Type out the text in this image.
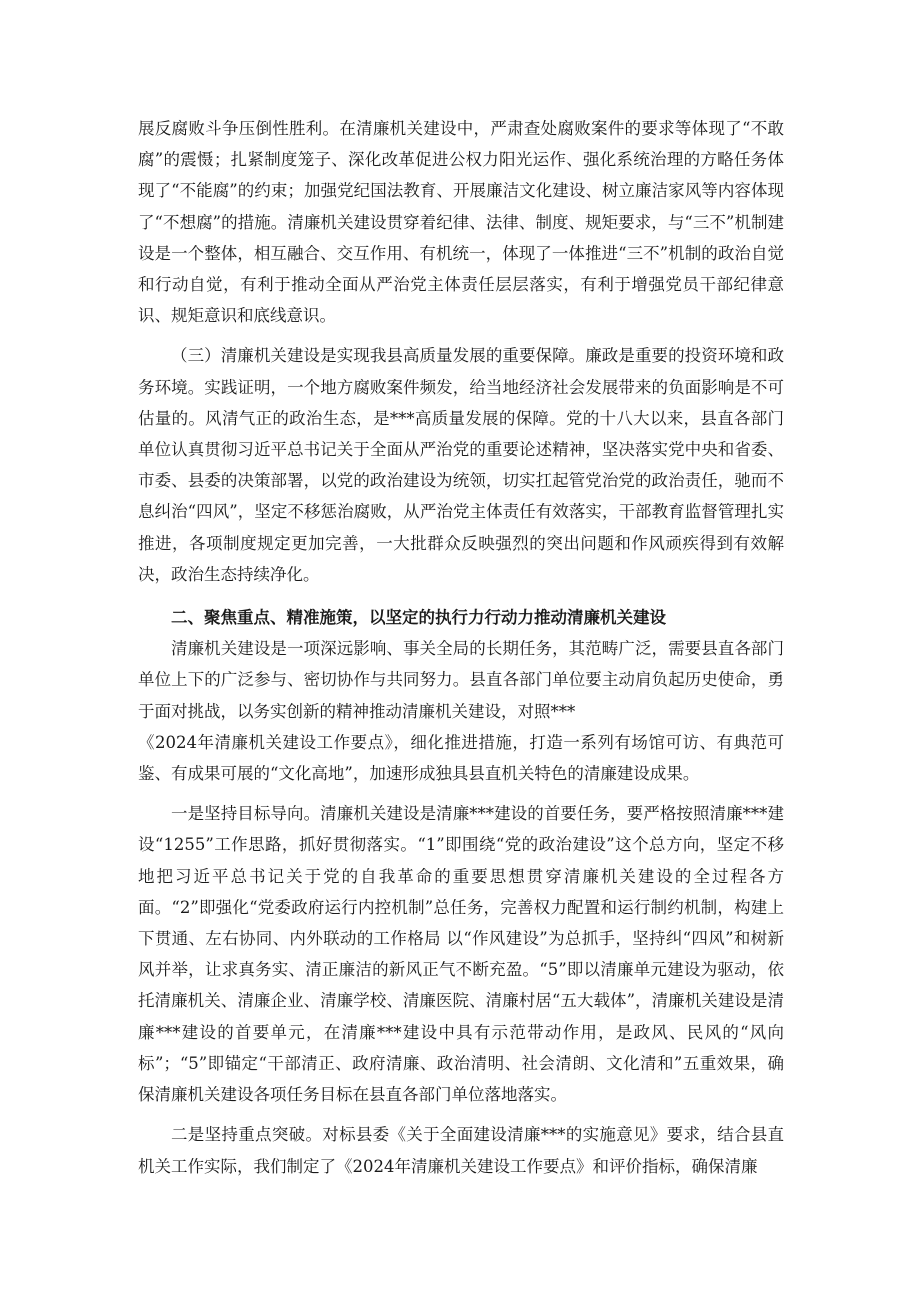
展反腐败斗争压倒性胜利。在清廉机关建设中，严肃查处腐败案件的要求等体现了“不敢腐”的震慑；扎紧制度笼子、深化改革促进公权力阳光运作、强化系统治理的方略任务体现了“不能腐”的约束；加强党纪国法教育、开展廉洁文化建设、树立廉洁家风等内容体现了“不想腐”的措施。清廉机关建设贯穿着纪律、法律、制度、规矩要求，与“三不”机制建设是一个整体，相互融合、交互作用、有机统一，体现了一体推进“三不”机制的政治自觉和行动自觉，有利于推动全面从严治党主体责任层层落实，有利于增强党员干部纪律意识、规矩意识和底线意识。

（三）清廉机关建设是实现我县高质量发展的重要保障。廉政是重要的投资环境和政务环境。实践证明，一个地方腐败案件频发，给当地经济社会发展带来的负面影响是不可估量的。风清气正的政治生态，是***高质量发展的保障。党的十八大以来，县直各部门单位认真贯彻习近平总书记关于全面从严治党的重要论述精神，坚决落实党中央和省委、市委、县委的决策部署，以党的政治建设为统领，切实扛起管党治党的政治责任，驰而不息纠治“四风”，坚定不移惩治腐败，从严治党主体责任有效落实，干部教育监督管理扎实推进，各项制度规定更加完善，一大批群众反映强烈的突出问题和作风顽疾得到有效解决，政治生态持续净化。

二、聚焦重点、精准施策，以坚定的执行力行动力推动清廉机关建设

清廉机关建设是一项深远影响、事关全局的长期任务，其范畴广泛，需要县直各部门单位上下的广泛参与、密切协作与共同努力。县直各部门单位要主动肩负起历史使命，勇于面对挑战，以务实创新的精神推动清廉机关建设，对照***

《2024年清廉机关建设工作要点》，细化推进措施，打造一系列有场馆可访、有典范可鉴、有成果可展的“文化高地”，加速形成独具县直机关特色的清廉建设成果。

一是坚持目标导向。清廉机关建设是清廉***建设的首要任务，要严格按照清廉***建设“1255”工作思路，抓好贯彻落实。“1”即围绕“党的政治建设”这个总方向，坚定不移地把习近平总书记关于党的自我革命的重要思想贯穿清廉机关建设的全过程各方面。“2”即强化“党委政府运行内控机制”总任务，完善权力配置和运行制约机制，构建上下贯通、左右协同、内外联动的工作格局 以“作风建设”为总抓手，坚持纠“四风”和树新风并举，让求真务实、清正廉洁的新风正气不断充盈。“5”即以清廉单元建设为驱动，依托清廉机关、清廉企业、清廉学校、清廉医院、清廉村居“五大载体”，清廉机关建设是清廉***建设的首要单元，在清廉***建设中具有示范带动作用，是政风、民风的“风向标”；“5”即锚定“干部清正、政府清廉、政治清明、社会清朗、文化清和”五重效果，确保清廉机关建设各项任务目标在县直各部门单位落地落实。

二是坚持重点突破。对标县委《关于全面建设清廉***的实施意见》要求，结合县直机关工作实际，我们制定了《2024年清廉机关建设工作要点》和评价指标，确保清廉
